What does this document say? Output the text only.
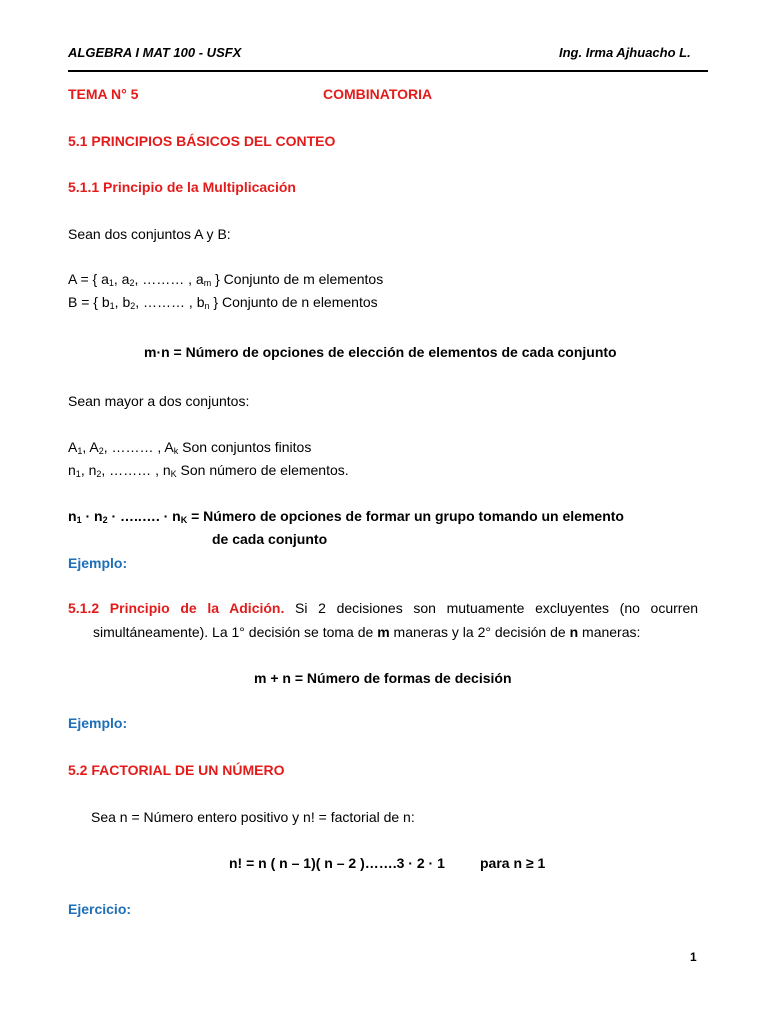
ALGEBRA I MAT 100 - USFX	Ing. Irma Ajhuacho L.
TEMA N° 5	COMBINATORIA
5.1 PRINCIPIOS BÁSICOS DEL CONTEO
5.1.1 Principio de la Multiplicación
Sean dos conjuntos A y B:
A = { $a_1$, $a_2$, ……… , $a_m$ } Conjunto de m elementos
B = { $b_1$, $b_2$, ……… , $b_n$ } Conjunto de n elementos
m·n = Número de opciones de elección de elementos de cada conjunto
Sean mayor a dos conjuntos:
$A_1$, $A_2$, ……… , $A_k$ Son conjuntos finitos
$n_1$, $n_2$, ……… , $n_K$ Son número de elementos.
$n_1 \cdot n_2$ · …..…. · $n_K$ = Número de opciones de formar un grupo tomando un elemento
de cada conjunto
Ejemplo:
5.1.2 Principio de la Adición. Si 2 decisiones son mutuamente excluyentes (no ocurren
simultáneamente). La 1° decisión se toma de m maneras y la 2° decisión de n maneras:
m + n = Número de formas de decisión
Ejemplo:
5.2 FACTORIAL DE UN NÚMERO
Sea n = Número entero positivo y n! = factorial de n:
n! = n ( n – 1)( n – 2 )…….3 · 2 · 1	para n ≥ 1
Ejercicio:
1
